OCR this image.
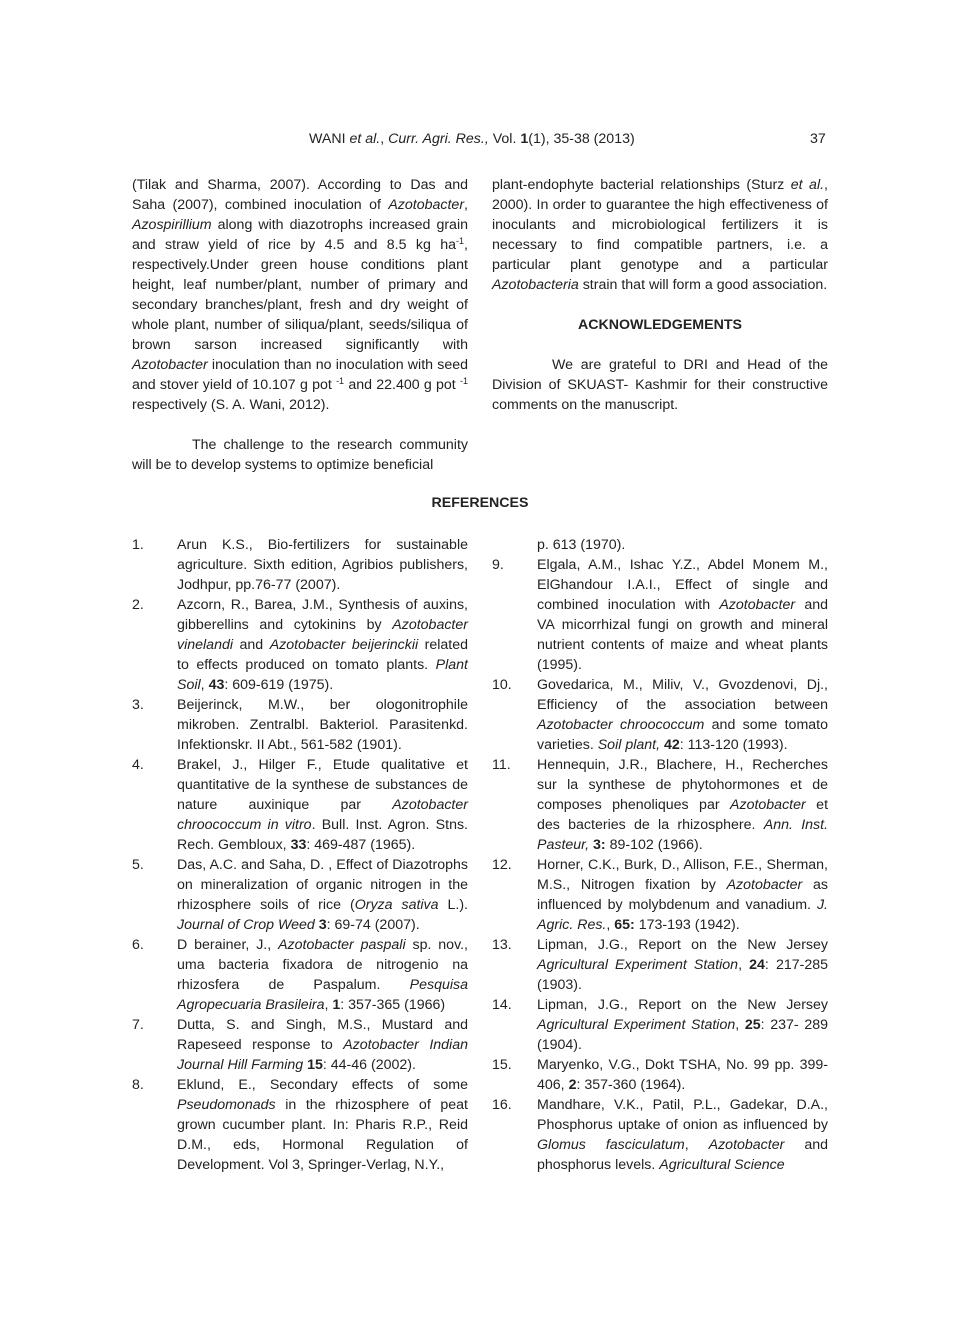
WANI et al., Curr. Agri. Res., Vol. 1(1), 35-38 (2013)	37

(Tilak and Sharma, 2007). According to Das and Saha (2007), combined inoculation of Azotobacter, Azospirillium along with diazotrophs increased grain and straw yield of rice by 4.5 and 8.5 kg $ha^{-1}$, respectively.Under green house conditions plant height, leaf number/plant, number of primary and secondary branches/plant, fresh and dry weight of whole plant, number of siliqua/plant, seeds/siliqua of brown sarson increased significantly with Azotobacter inoculation than no inoculation with seed and stover yield of 10.107 g pot $^{-1}$ and 22.400 g pot $^{-1}$ respectively (S. A. Wani, 2012).

The challenge to the research community will be to develop systems to optimize beneficial

plant-endophyte bacterial relationships (Sturz et al., 2000). In order to guarantee the high effectiveness of inoculants and microbiological fertilizers it is necessary to find compatible partners, i.e. a particular plant genotype and a particular Azotobacteria strain that will form a good association.

ACKNOWLEDGEMENTS

We are grateful to DRI and Head of the Division of SKUAST- Kashmir for their constructive comments on the manuscript.

REFERENCES
1. Arun K.S., Bio-fertilizers for sustainable agriculture. Sixth edition, Agribios publishers, Jodhpur, pp.76-77 (2007).
2. Azcorn, R., Barea, J.M., Synthesis of auxins, gibberellins and cytokinins by Azotobacter vinelandi and Azotobacter beijerinckii related to effects produced on tomato plants. Plant Soil, 43: 609-619 (1975).
3. Beijerinck, M.W., ber ologonitrophile mikroben. Zentralbl. Bakteriol. Parasitenkd. Infektionskr. II Abt., 561-582 (1901).
4. Brakel, J., Hilger F., Etude qualitative et quantitative de la synthese de substances de nature auxinique par Azotobacter chroococcum in vitro. Bull. Inst. Agron. Stns. Rech. Gembloux, 33: 469-487 (1965).
5. Das, A.C. and Saha, D. , Effect of Diazotrophs on mineralization of organic nitrogen in the rhizosphere soils of rice (Oryza sativa L.). Journal of Crop Weed 3: 69-74 (2007).
6. D berainer, J., Azotobacter paspali sp. nov., uma bacteria fixadora de nitrogenio na rhizosfera de Paspalum. Pesquisa Agropecuaria Brasileira, 1: 357-365 (1966)
7. Dutta, S. and Singh, M.S., Mustard and Rapeseed response to Azotobacter Indian Journal Hill Farming 15: 44-46 (2002).
8. Eklund, E., Secondary effects of some Pseudomonads in the rhizosphere of peat grown cucumber plant. In: Pharis R.P., Reid D.M., eds, Hormonal Regulation of Development. Vol 3, Springer-Verlag, N.Y.,
p. 613 (1970).
9. Elgala, A.M., Ishac Y.Z., Abdel Monem M., ElGhandour I.A.I., Effect of single and combined inoculation with Azotobacter and VA micorrhizal fungi on growth and mineral nutrient contents of maize and wheat plants (1995).
10. Govedarica, M., Miliv, V., Gvozdenovi, Dj., Efficiency of the association between Azotobacter chroococcum and some tomato varieties. Soil plant, 42: 113-120 (1993).
11. Hennequin, J.R., Blachere, H., Recherches sur la synthese de phytohormones et de composes phenoliques par Azotobacter et des bacteries de la rhizosphere. Ann. Inst. Pasteur, 3: 89-102 (1966).
12. Horner, C.K., Burk, D., Allison, F.E., Sherman, M.S., Nitrogen fixation by Azotobacter as influenced by molybdenum and vanadium. J. Agric. Res., 65: 173-193 (1942).
13. Lipman, J.G., Report on the New Jersey Agricultural Experiment Station, 24: 217-285 (1903).
14. Lipman, J.G., Report on the New Jersey Agricultural Experiment Station, 25: 237- 289 (1904).
15. Maryenko, V.G., Dokt TSHA, No. 99 pp. 399-406, 2: 357-360 (1964).
16. Mandhare, V.K., Patil, P.L., Gadekar, D.A., Phosphorus uptake of onion as influenced by Glomus fasciculatum, Azotobacter and phosphorus levels. Agricultural Science
